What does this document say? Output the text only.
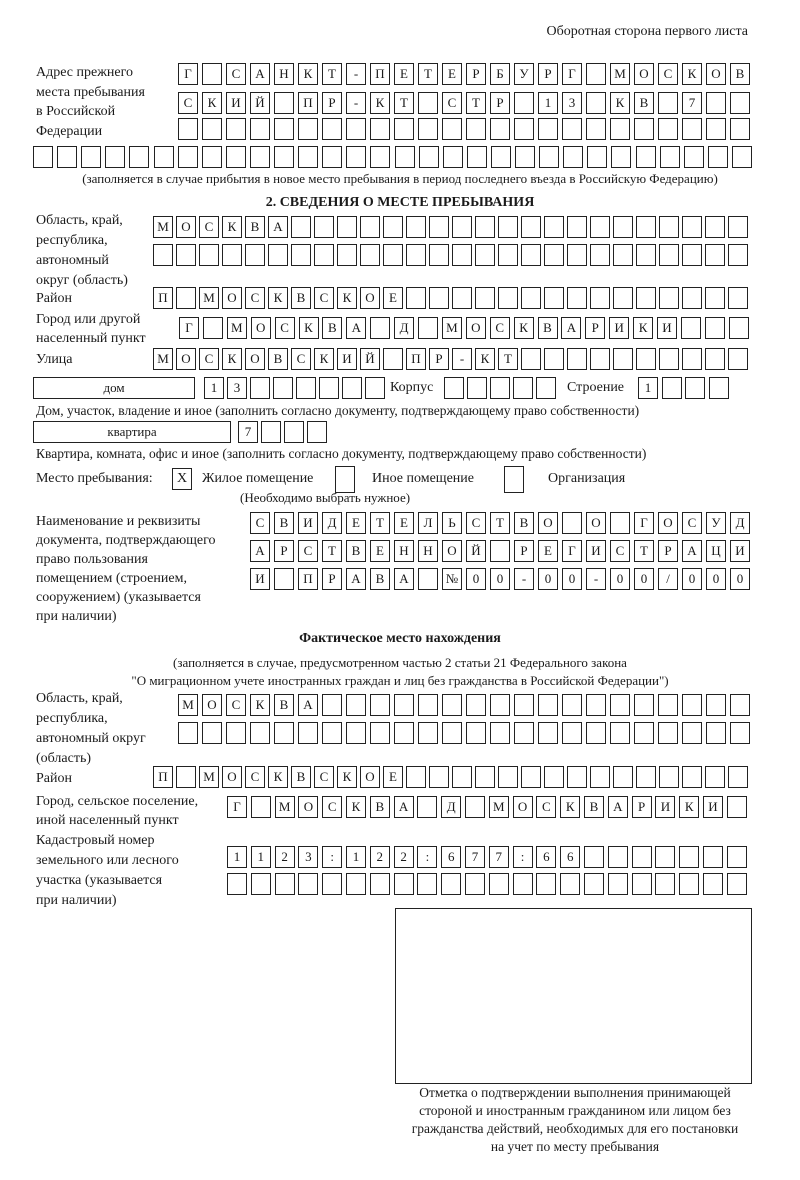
Оборотная сторона первого листа
Адрес прежнего
места пребывания
в Российской
Федерации
Г	С	А	Н	К	Т	-	П	Е	Т	Е	Р	Б	У	Р	Г	М	О	С	К	О	В
С	К	И	Й	П	Р	-	К	Т	С	Т	Р	1	3	К	В	7
(заполняется в случае прибытия в новое место пребывания в период последнего въезда в Российскую Федерацию)
2. СВЕДЕНИЯ О МЕСТЕ ПРЕБЫВАНИЯ
Область, край,
республика,
автономный
округ (область)
М О	С	К	В	А
Район	П	М О	С	К	В	С	К	О	Е
Город или другой
населенный пункт
Г	М	О	С	К	В	А	Д	М	О	С	К	В	А	Р	И	К	И
Улица	М О	С	К	О	В	С	К	И	Й	П	Р	-	К	Т
дом	1	3	Корпус	Строение	1
Дом, участок, владение и иное (заполнить согласно документу, подтверждающему право собственности)
квартира	7
Квартира, комната, офис и иное (заполнить согласно документу, подтверждающему право собственности)
Место пребывания:	X	Жилое помещение	Иное помещение	Организация
(Необходимо выбрать нужное)
Наименование и реквизиты
документа, подтверждающего
право пользования
помещением (строением,
сооружением) (указывается
при наличии)
С	В	И	Д	Е	Т	Е	Л	Ь	С	Т	В	О	О	Г	О	С	У	Д
А	Р	С	Т	В	Е	Н	Н	О	Й	Р	Е	Г	И	С	Т	Р	А	Ц	И
И	П	Р	А	В	А	№	0	0	-	0	0	-	0	0	/	0	0	0
Фактическое место нахождения
(заполняется в случае, предусмотренном частью 2 статьи 21 Федерального закона
"О миграционном учете иностранных граждан и лиц без гражданства в Российской Федерации")
Область, край,
республика,
автономный округ
(область)
М	О	С	К	В	А
Район	П	М О	С	К	В	С	К	О	Е
Город, сельское поселение,
иной населенный пункт
Г	М	О	С	К	В	А	Д	М	О	С	К	В	А	Р	И	К	И
Кадастровый номер
земельного или лесного
участка (указывается
при наличии)
1	1	2	3	:	1	2	2	:	6	7	7	:	6	6
Отметка о подтверждении выполнения принимающей
стороной и иностранным гражданином или лицом без
гражданства действий, необходимых для его постановки
на учет по месту пребывания
